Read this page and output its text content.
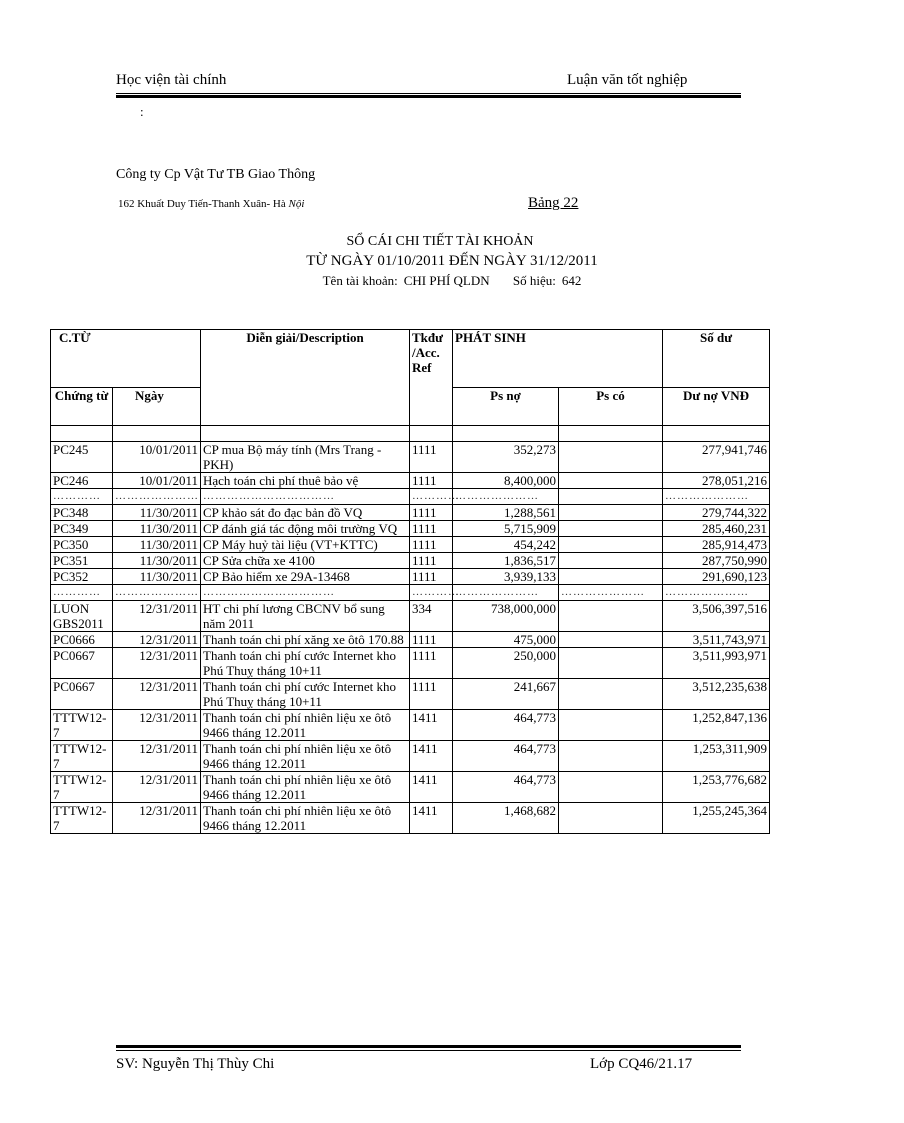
Học viện tài chính	Luận văn tốt nghiệp
:
Công ty Cp Vật Tư TB Giao Thông
162 Khuất Duy Tiến-Thanh Xuân- Hà Nội	Bảng 22
SỔ CÁI CHI TIẾT TÀI KHOẢN
TỪ NGÀY 01/10/2011 ĐẾN NGÀY 31/12/2011
Tên tài khoản: CHI PHÍ QLDN Số hiệu: 642
C.TỪ		Diễn giải/Description	Tkđư /Acc. Ref	PHÁT SINH		Số dư
Chứng từ	Ngày			Ps nợ	Ps có	Dư nợ VNĐ

PC245	10/01/2011	CP mua Bộ máy tính (Mrs Trang - PKH)	1111	352,273		277,941,746
PC246	10/01/2011	Hạch toán chi phí thuê bảo vệ	1111	8,400,000		278,051,216
…………	…………………	……………………………	…………	…………………		…………………
PC348	11/30/2011	CP khảo sát đo đạc bản đồ VQ	1111	1,288,561		279,744,322
PC349	11/30/2011	CP đánh giá tác động môi trường VQ	1111	5,715,909		285,460,231
PC350	11/30/2011	CP Máy huỷ tài liệu (VT+KTTC)	1111	454,242		285,914,473
PC351	11/30/2011	CP Sửa chữa xe 4100	1111	1,836,517		287,750,990
PC352	11/30/2011	CP Bảo hiểm xe 29A-13468	1111	3,939,133		291,690,123
…………	…………………	……………………………	…………	…………………	…………………	…………………
LUON GBS2011	12/31/2011	HT chi phí lương CBCNV bổ sung năm 2011	334	738,000,000		3,506,397,516
PC0666	12/31/2011	Thanh toán chi phí xăng xe ôtô 170.88	1111	475,000		3,511,743,971
PC0667	12/31/2011	Thanh toán chi phí cước Internet kho Phú Thuỵ tháng 10+11	1111	250,000		3,511,993,971
PC0667	12/31/2011	Thanh toán chi phí cước Internet kho Phú Thuỵ tháng 10+11	1111	241,667		3,512,235,638
TTTW12-7	12/31/2011	Thanh toán chi phí nhiên liệu xe ôtô 9466 tháng 12.2011	1411	464,773		1,252,847,136
TTTW12-7	12/31/2011	Thanh toán chi phí nhiên liệu xe ôtô 9466 tháng 12.2011	1411	464,773		1,253,311,909
TTTW12-7	12/31/2011	Thanh toán chi phí nhiên liệu xe ôtô 9466 tháng 12.2011	1411	464,773		1,253,776,682
TTTW12-7	12/31/2011	Thanh toán chi phí nhiên liệu xe ôtô 9466 tháng 12.2011	1411	1,468,682		1,255,245,364
SV: Nguyễn Thị Thùy Chi	Lớp CQ46/21.17
